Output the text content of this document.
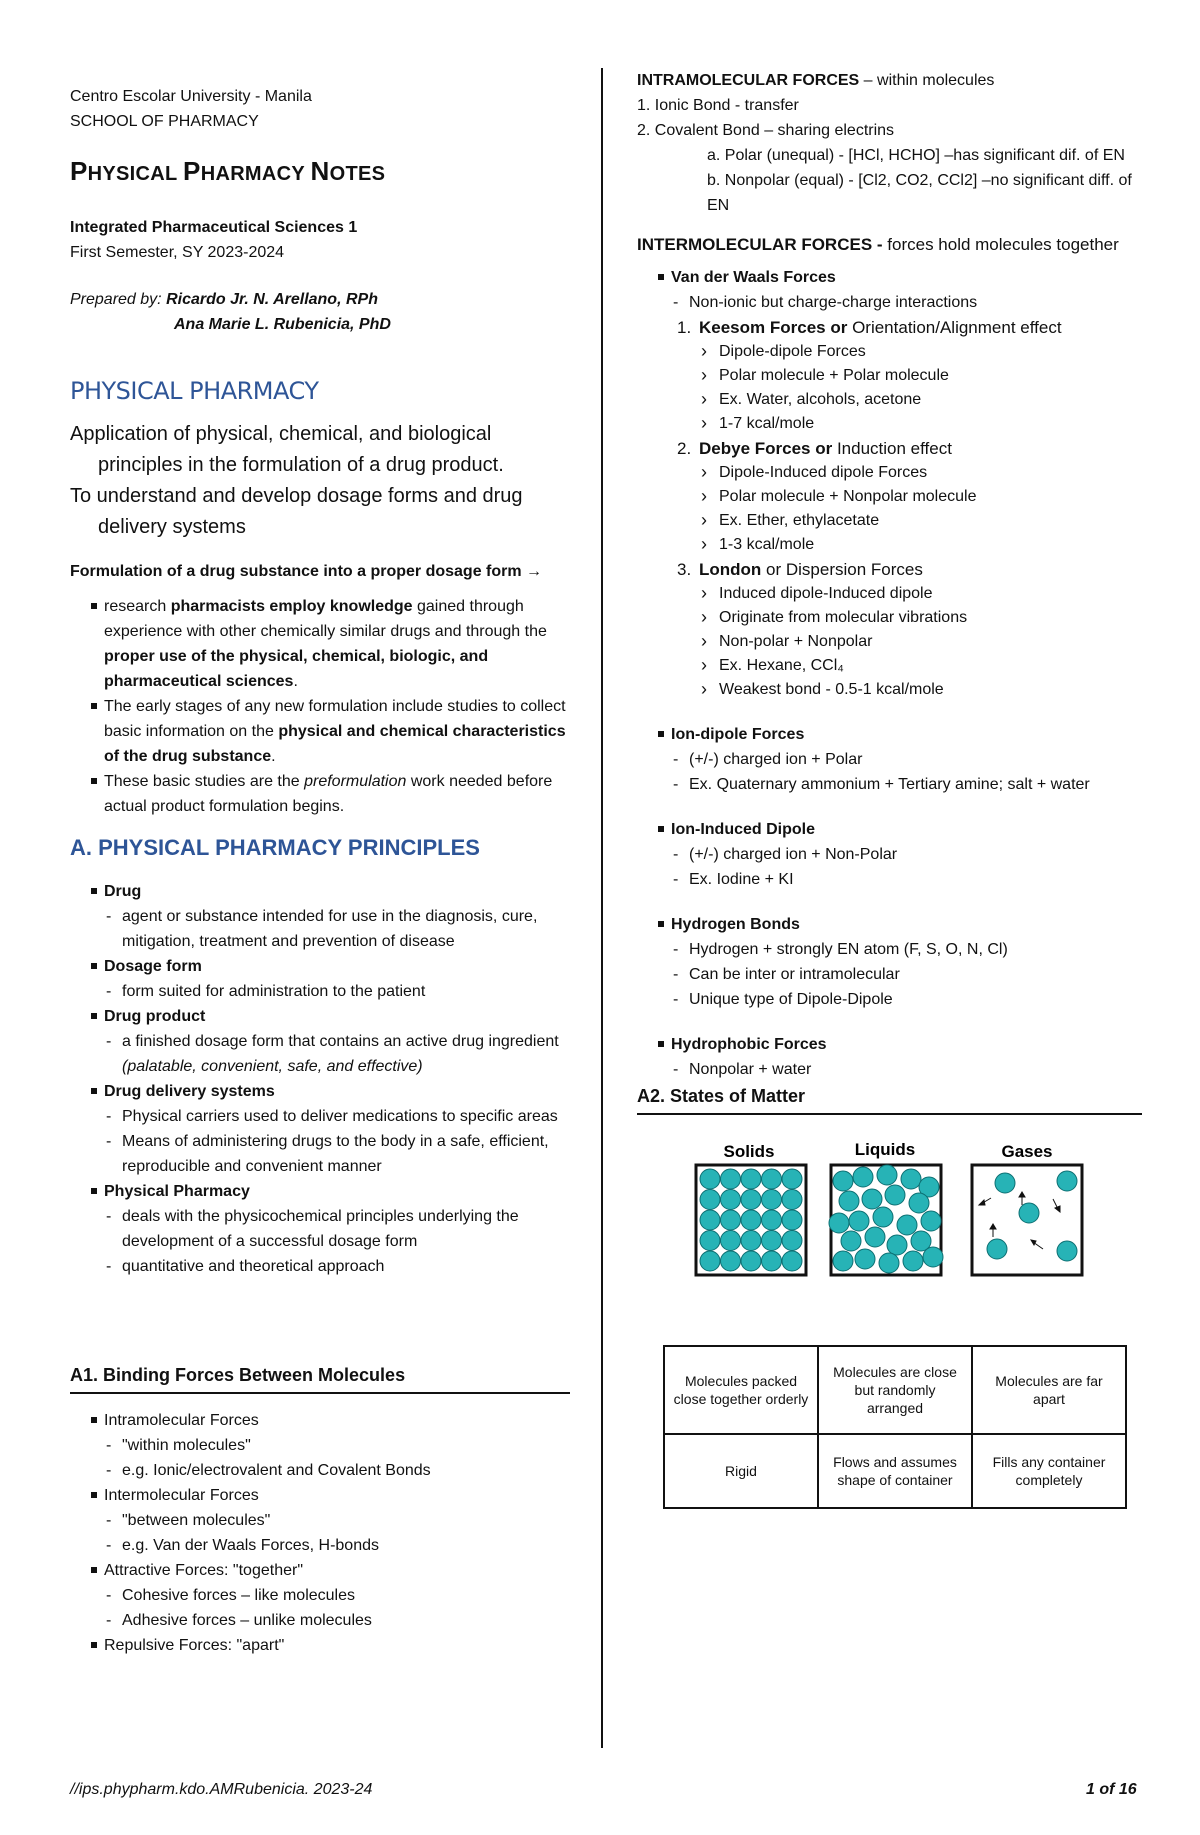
Centro Escolar University - Manila

SCHOOL OF PHARMACY

PHYSICAL PHARMACY NOTES

Integrated Pharmaceutical Sciences 1

First Semester, SY 2023-2024

Prepared by: Ricardo Jr. N. Arellano, RPh

Ana Marie L. Rubenicia, PhD

PHYSICAL PHARMACY

Application of physical, chemical, and biological principles in the formulation of a drug product.

To understand and develop dosage forms and drug delivery systems

Formulation of a drug substance into a proper dosage form →

research pharmacists employ knowledge gained through experience with other chemically similar drugs and through the proper use of the physical, chemical, biologic, and pharmaceutical sciences.
The early stages of any new formulation include studies to collect basic information on the physical and chemical characteristics of the drug substance.
These basic studies are the preformulation work needed before actual product formulation begins.
A. PHYSICAL PHARMACY PRINCIPLES
Drug
- agent or substance intended for use in the diagnosis, cure, mitigation, treatment and prevention of disease
Dosage form
- form suited for administration to the patient
Drug product
- a finished dosage form that contains an active drug ingredient (palatable, convenient, safe, and effective)
Drug delivery systems
- Physical carriers used to deliver medications to specific areas
- Means of administering drugs to the body in a safe, efficient, reproducible and convenient manner
Physical Pharmacy
- deals with the physicochemical principles underlying the development of a successful dosage form
- quantitative and theoretical approach
A1. Binding Forces Between Molecules
Intramolecular Forces
- "within molecules"
- e.g. Ionic/electrovalent and Covalent Bonds
Intermolecular Forces
- "between molecules"
- e.g. Van der Waals Forces, H-bonds
Attractive Forces: "together"
- Cohesive forces – like molecules
- Adhesive forces – unlike molecules
Repulsive Forces: "apart"

INTRAMOLECULAR FORCES – within molecules

1. Ionic Bond - transfer

2. Covalent Bond – sharing electrins

a. Polar (unequal) - [HCl, HCHO] –has significant dif. of EN

b. Nonpolar (equal) - [Cl2, CO2, CCl2] –no significant diff. of EN

INTERMOLECULAR FORCES - forces hold molecules together

Van der Waals Forces
- Non-ionic but charge-charge interactions
1. Keesom Forces or Orientation/Alignment effect
› Dipole-dipole Forces
› Polar molecule + Polar molecule
› Ex. Water, alcohols, acetone
› 1-7 kcal/mole
2. Debye Forces or Induction effect
› Dipole-Induced dipole Forces
› Polar molecule + Nonpolar molecule
› Ex. Ether, ethylacetate
› 1-3 kcal/mole
3. London or Dispersion Forces
› Induced dipole-Induced dipole
› Originate from molecular vibrations
› Non-polar + Nonpolar
› Ex. Hexane, CCl₄
› Weakest bond - 0.5-1 kcal/mole
Ion-dipole Forces
- (+/-) charged ion + Polar
- Ex. Quaternary ammonium + Tertiary amine; salt + water
Ion-Induced Dipole
- (+/-) charged ion + Non-Polar
- Ex. Iodine + KI
Hydrogen Bonds
- Hydrogen + strongly EN atom (F, S, O, N, Cl)
- Can be inter or intramolecular
- Unique type of Dipole-Dipole
Hydrophobic Forces
- Nonpolar + water
A2. States of Matter
Solids	Liquids	Gases
Molecules packed close together orderly	Molecules are close but randomly arranged	Molecules are far apart
Rigid	Flows and assumes shape of container	Fills any container completely
//ips.phypharm.kdo.AMRubenicia. 2023-24	1 of 16
